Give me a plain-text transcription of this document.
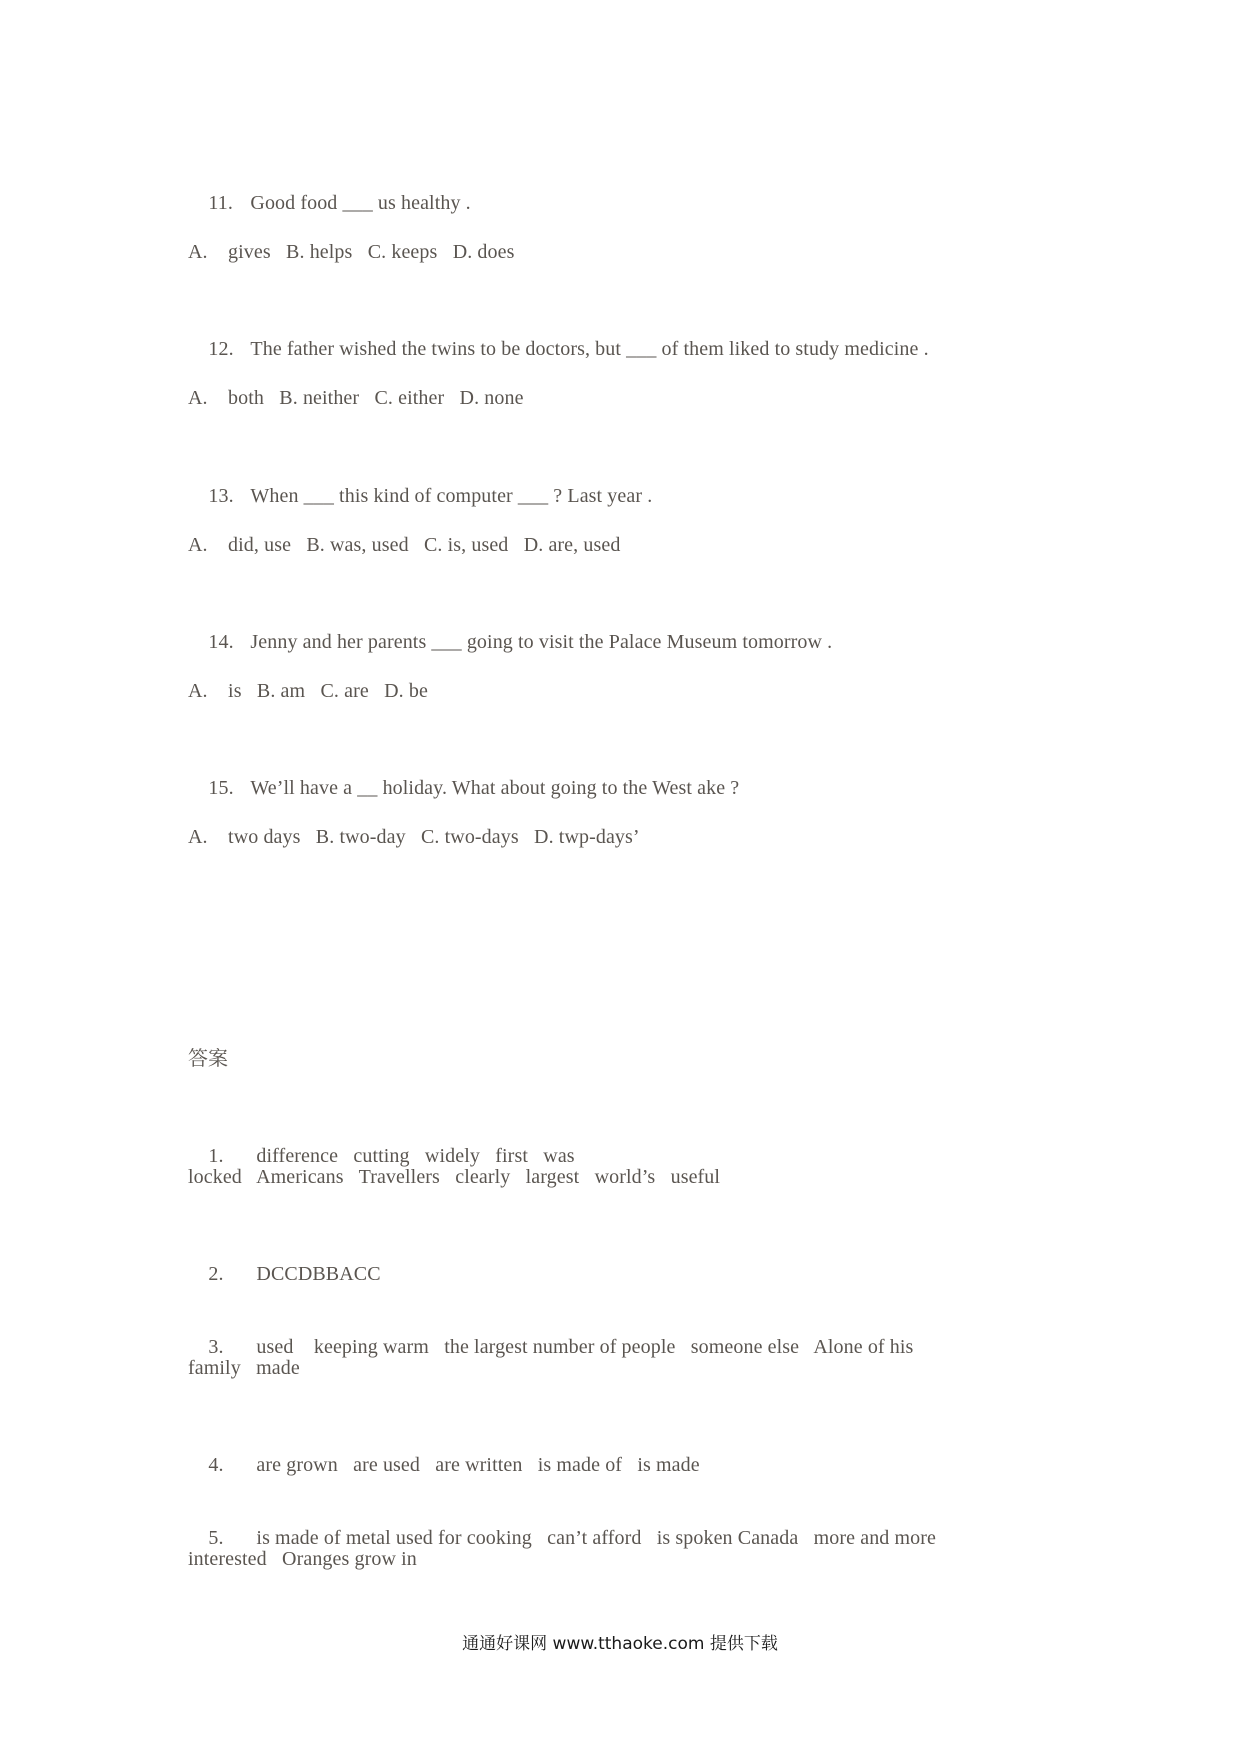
11. Good food ___ us healthy .

A.    gives   B. helps   C. keeps   D. does

12. The father wished the twins to be doctors, but ___ of them liked to study medicine .

A.    both   B. neither   C. either   D. none

13. When ___ this kind of computer ___ ? Last year .

A.    did, use   B. was, used   C. is, used   D. are, used

14. Jenny and her parents ___ going to visit the Palace Museum tomorrow .

A.    is   B. am   C. are   D. be

15. We’ll have a __ holiday. What about going to the West ake ?

A.    two days   B. two-day   C. two-days   D. twp-days’
答案

1. difference   cutting   widely   first   was

locked   Americans   Travellers   clearly   largest   world’s   useful

2. DCCDBBACC

3. used    keeping warm   the largest number of people   someone else   Alone of his

family   made

4. are grown   are used   are written   is made of   is made

5. is made of metal used for cooking   can’t afford   is spoken Canada   more and more

interested   Oranges grow in
通通好课网 www.tthaoke.com 提供下载
